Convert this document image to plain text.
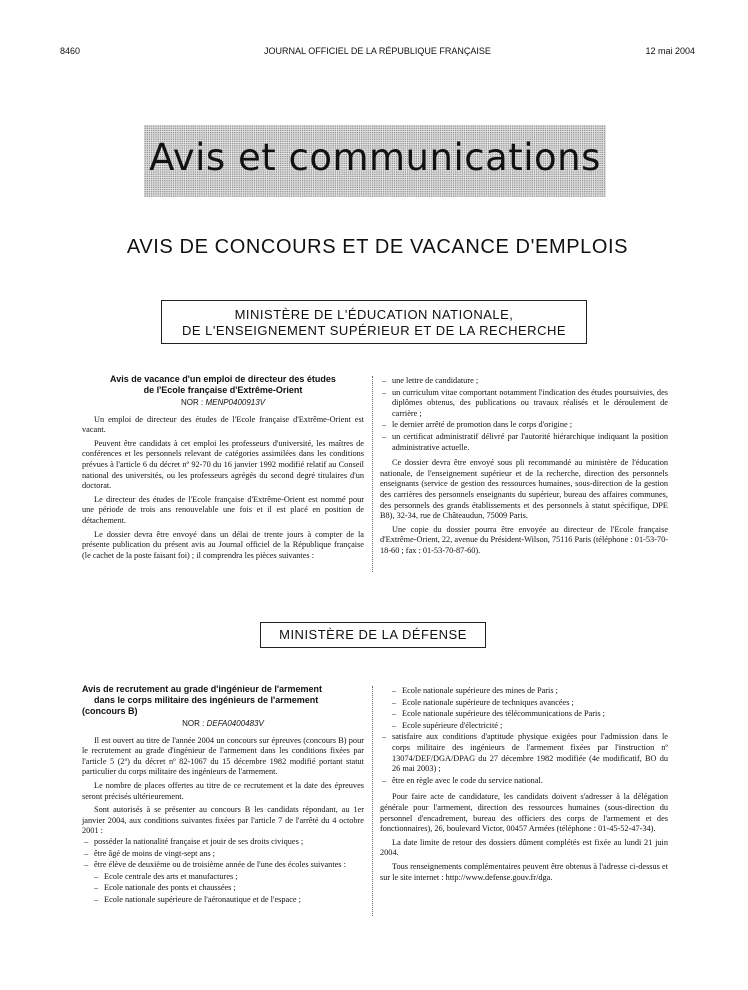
8460	JOURNAL OFFICIEL DE LA RÉPUBLIQUE FRANÇAISE	12 mai 2004
Avis et communications
AVIS DE CONCOURS ET DE VACANCE D'EMPLOIS
MINISTÈRE DE L'ÉDUCATION NATIONALE,
DE L'ENSEIGNEMENT SUPÉRIEUR ET DE LA RECHERCHE
Avis de vacance d'un emploi de directeur des études
de l'Ecole française d'Extrême-Orient
NOR : MENP0400913V

Un emploi de directeur des études de l'Ecole française d'Extrême-Orient est vacant.

Peuvent être candidats à cet emploi les professeurs d'université, les maîtres de conférences et les personnels relevant de catégories assimilées dans les conditions prévues à l'article 6 du décret nº 92-70 du 16 janvier 1992 modifié relatif au Conseil national des universités, ou les professeurs agrégés du second degré titulaires d'un doctorat.

Le directeur des études de l'Ecole française d'Extrême-Orient est nommé pour une période de trois ans renouvelable une fois et il est placé en position de détachement.

Le dossier devra être envoyé dans un délai de trente jours à compter de la présente publication du présent avis au Journal officiel de la République française (le cachet de la poste faisant foi) ; il comprendra les pièces suivantes :

– une lettre de candidature ;
– un curriculum vitae comportant notamment l'indication des études poursuivies, des diplômes obtenus, des publications ou travaux réalisés et le déroulement de carrière ;
– le dernier arrêté de promotion dans le corps d'origine ;
– un certificat administratif délivré par l'autorité hiérarchique indiquant la position administrative actuelle.

Ce dossier devra être envoyé sous pli recommandé au ministère de l'éducation nationale, de l'enseignement supérieur et de la recherche, direction des personnels enseignants (service de gestion des ressources humaines, sous-direction de la gestion des carrières des personnels enseignants du supérieur, bureau des affaires communes, des personnels des grands établissements et des personnels à statut spécifique, DPE B8), 32-34, rue de Châteaudun, 75009 Paris.

Une copie du dossier pourra être envoyée au directeur de l'Ecole française d'Extrême-Orient, 22, avenue du Président-Wilson, 75116 Paris (téléphone : 01-53-70-18-60 ; fax : 01-53-70-87-60).

MINISTÈRE DE LA DÉFENSE
Avis de recrutement au grade d'ingénieur de l'armement
dans le corps militaire des ingénieurs de l'armement
(concours B)
NOR : DEFA0400483V

Il est ouvert au titre de l'année 2004 un concours sur épreuves (concours B) pour le recrutement au grade d'ingénieur de l'armement dans les conditions fixées par l'article 5 (2º) du décret nº 82-1067 du 15 décembre 1982 modifié portant statut particulier du corps militaire des ingénieurs de l'armement.

Le nombre de places offertes au titre de ce recrutement et la date des épreuves seront précisés ultérieurement.

Sont autorisés à se présenter au concours B les candidats répondant, au 1er janvier 2004, aux conditions suivantes fixées par l'article 7 de l'arrêté du 4 octobre 2001 :

– posséder la nationalité française et jouir de ses droits civiques ;
– être âgé de moins de vingt-sept ans ;
– être élève de deuxième ou de troisième année de l'une des écoles suivantes :
– Ecole centrale des arts et manufactures ;
– Ecole nationale des ponts et chaussées ;
– Ecole nationale supérieure de l'aéronautique et de l'espace ;
– Ecole nationale supérieure des mines de Paris ;
– Ecole nationale supérieure de techniques avancées ;
– Ecole nationale supérieure des télécommunications de Paris ;
– Ecole supérieure d'électricité ;
– satisfaire aux conditions d'aptitude physique exigées pour l'admission dans le corps militaire des ingénieurs de l'armement fixées par l'instruction nº 13074/DEF/DGA/DPAG du 27 décembre 1982 modifiée (4e modificatif, BO du 26 mai 2003) ;
– être en règle avec le code du service national.

Pour faire acte de candidature, les candidats doivent s'adresser à la délégation générale pour l'armement, direction des ressources humaines (sous-direction du personnel d'encadrement, bureau des officiers des corps de l'armement et des fonctionnaires), 26, boulevard Victor, 00457 Armées (téléphone : 01-45-52-47-34).

La date limite de retour des dossiers dûment complétés est fixée au lundi 21 juin 2004.

Tous renseignements complémentaires peuvent être obtenus à l'adresse ci-dessus et sur le site internet : http://www.defense.gouv.fr/dga.
